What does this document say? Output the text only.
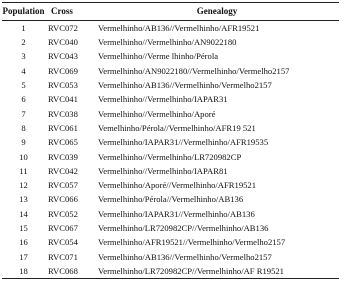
Population	Cross	Genealogy
1	RVC072	Vermelhinho/AB136//Vermelhinho/AFR19521
2	RVC040	Vermelhinho//Vermelhinho/AN9022180
3	RVC043	Vermelhinho//Verme lhinho/Pérola
4	RVC069	Vermelhinho/AN9022180//Vermelhinho/Vermelho2157
5	RVC053	Vermelhinho/AB136//Vermelhinho/Vermelho2157
6	RVC041	Vermelhinho//Vermelhinho/IAPAR31
7	RVC038	Vermelhinho//Vermelhinho/Aporé
8	RVC061	Vemelhinho/Pérola//Vermelhinho/AFR19 521
9	RVC065	Vermelhinho/IAPAR31//Vermelhinho/AFR19535
10	RVC039	Vermelhinho//Vermelhinho/LR720982CP
11	RVC042	Vermelhinho//Vermelhinho/IAPAR81
12	RVC057	Vermelhinho/Aporé//Vermelhinho/AFR19521
13	RVC066	Vermelhinho/Pérola//Vermelhinho/AB136
14	RVC052	Vermelhinho/IAPAR31//Vermelhinho/AB136
15	RVC067	Vermelhinho/LR720982CP//Vermelhinho/AB136
16	RVC054	Vermelhinho/AFR19521//Vermelhinho/Vermelho2157
17	RVC071	Vermelhinho/AB136//Vermelhinho/Vermelho2157
18	RVC068	Vermelhinho/LR720982CP//Vermelhinho/AF R19521
